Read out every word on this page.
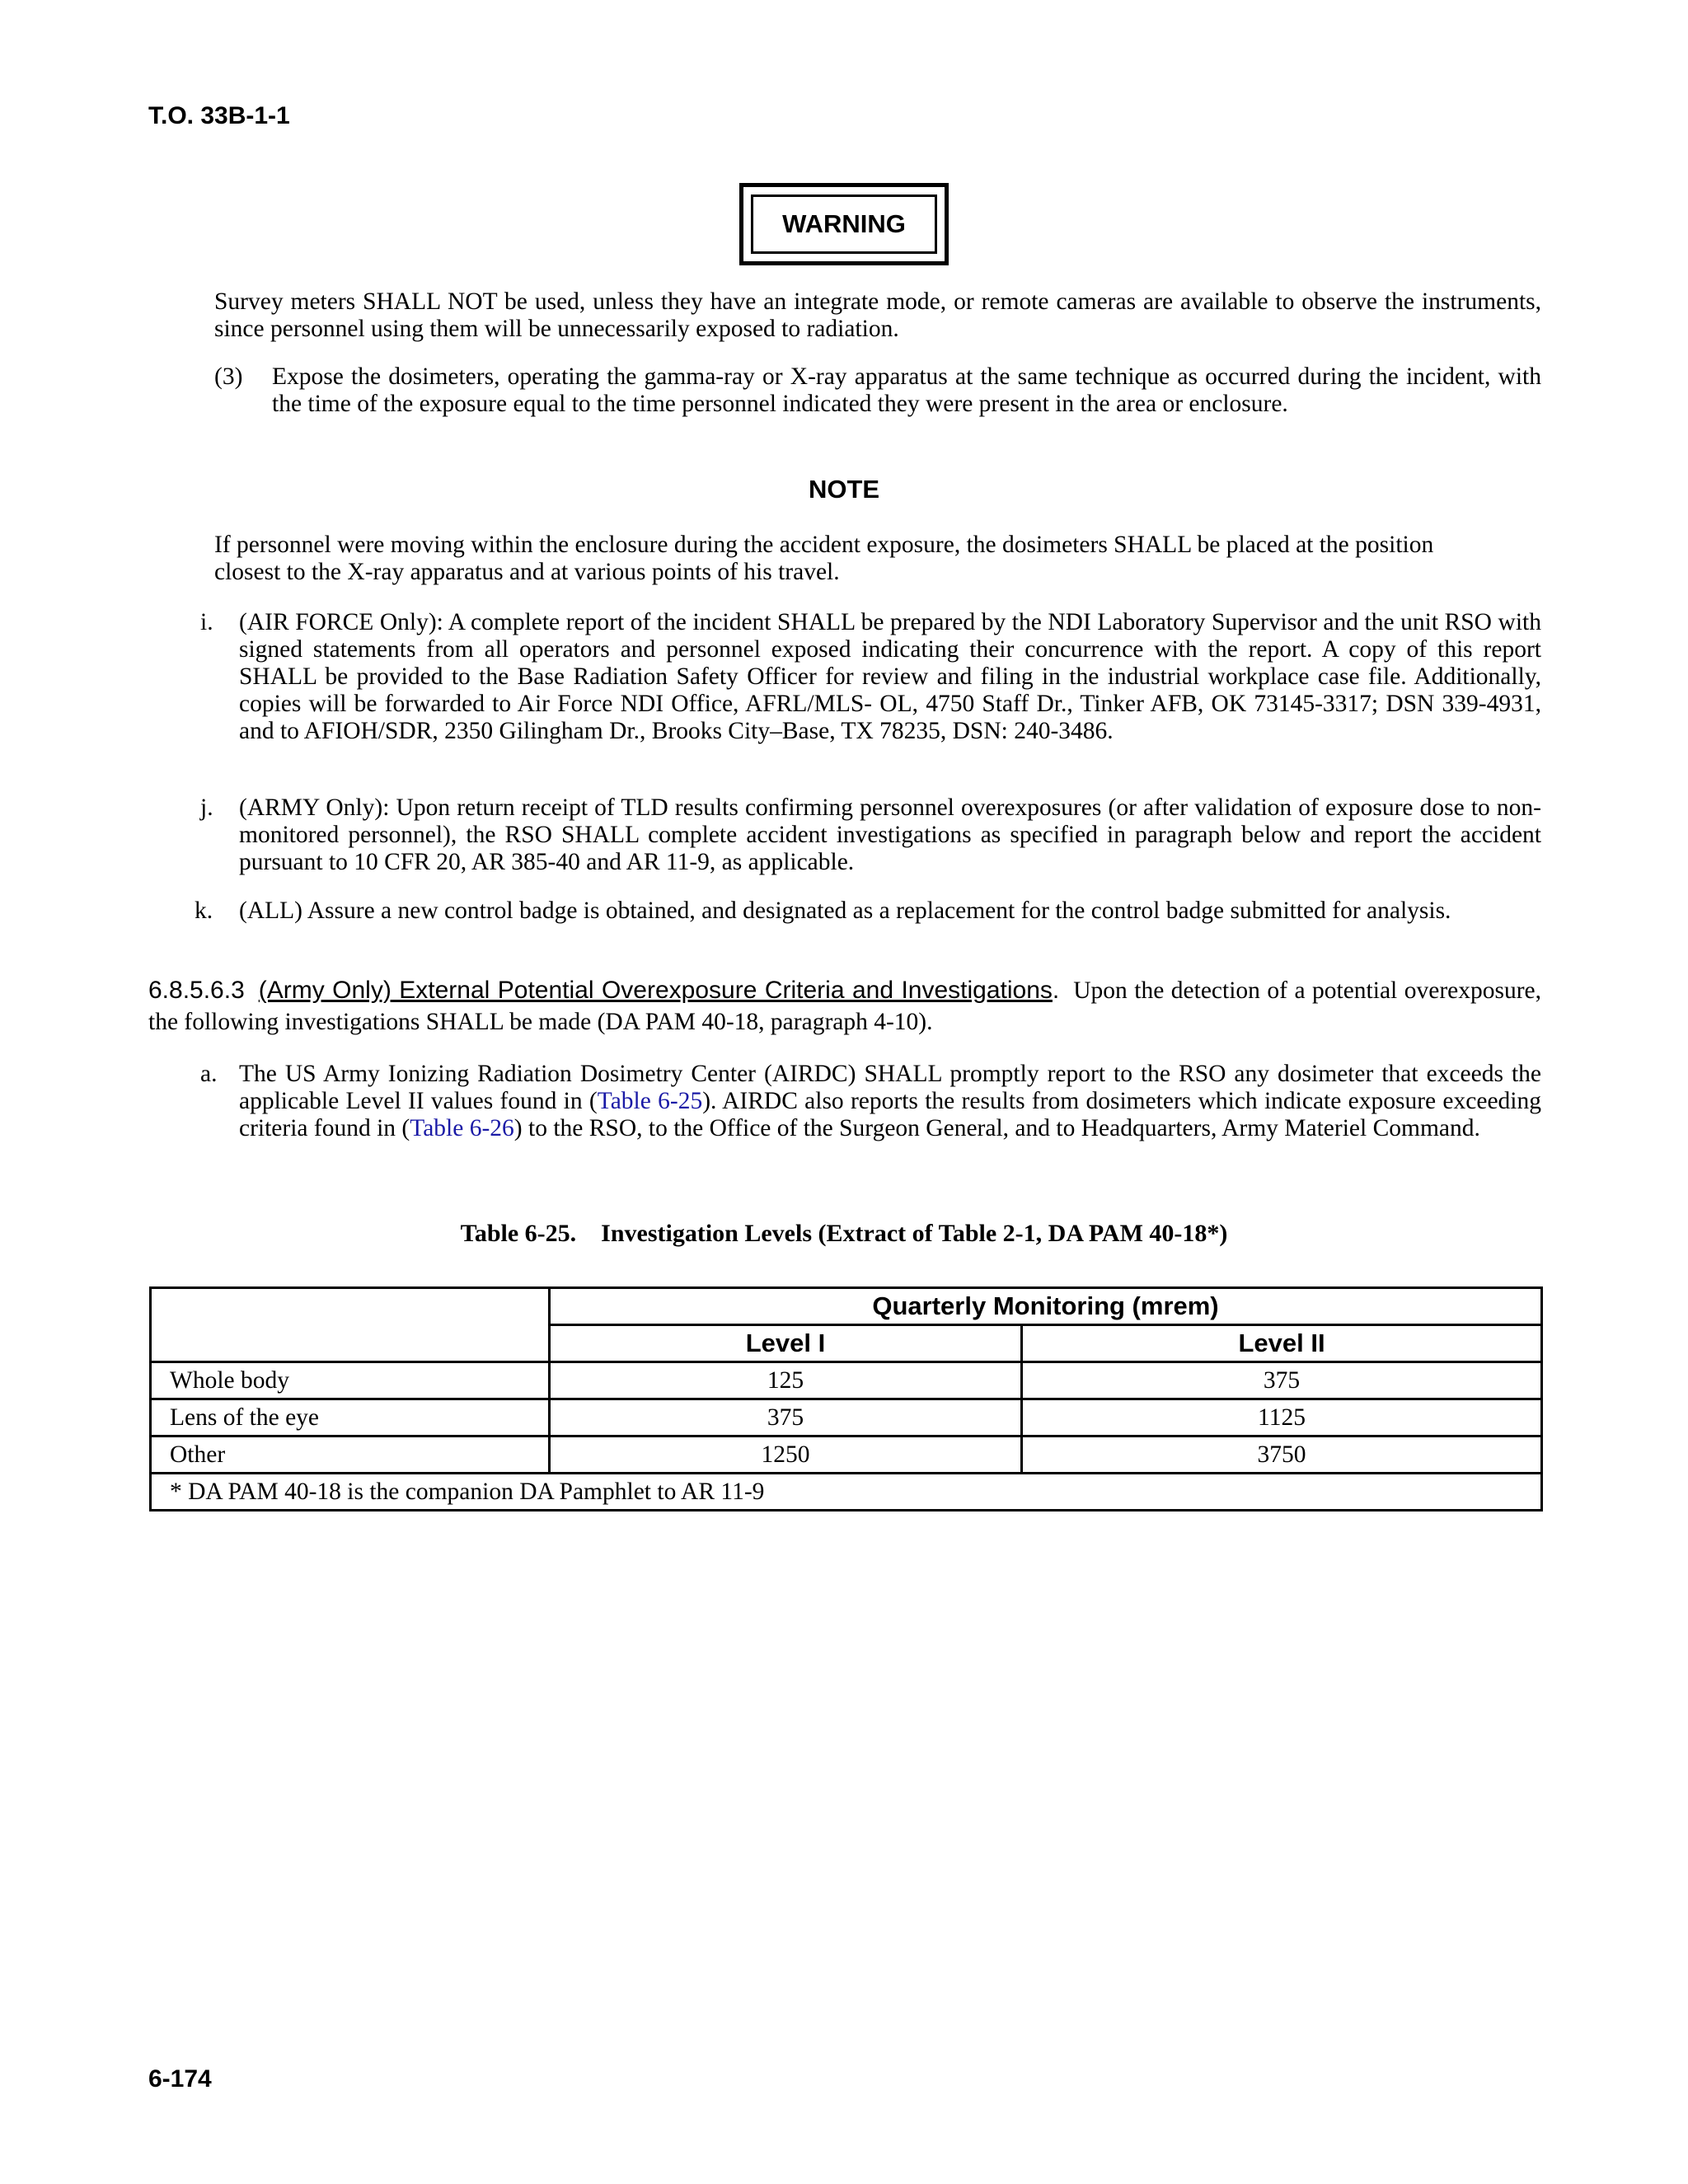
T.O. 33B-1-1
WARNING

Survey meters SHALL NOT be used, unless they have an integrate mode, or remote cameras are available to observe the instruments, since personnel using them will be unnecessarily exposed to radiation.

(3) Expose the dosimeters, operating the gamma-ray or X-ray apparatus at the same technique as occurred during the incident, with the time of the exposure equal to the time personnel indicated they were present in the area or enclosure.

NOTE

If personnel were moving within the enclosure during the accident exposure, the dosimeters SHALL be placed at the position closest to the X-ray apparatus and at various points of his travel.

i. (AIR FORCE Only): A complete report of the incident SHALL be prepared by the NDI Laboratory Supervisor and the unit RSO with signed statements from all operators and personnel exposed indicating their concurrence with the report. A copy of this report SHALL be provided to the Base Radiation Safety Officer for review and filing in the industrial workplace case file. Additionally, copies will be forwarded to Air Force NDI Office, AFRL/MLS- OL, 4750 Staff Dr., Tinker AFB, OK 73145-3317; DSN 339-4931, and to AFIOH/SDR, 2350 Gilingham Dr., Brooks City–Base, TX 78235, DSN: 240-3486.

j. (ARMY Only): Upon return receipt of TLD results confirming personnel overexposures (or after validation of exposure dose to non-monitored personnel), the RSO SHALL complete accident investigations as specified in paragraph below and report the accident pursuant to 10 CFR 20, AR 385-40 and AR 11-9, as applicable.

k. (ALL) Assure a new control badge is obtained, and designated as a replacement for the control badge submitted for analysis.

6.8.5.6.3 (Army Only) External Potential Overexposure Criteria and Investigations. Upon the detection of a potential overexposure, the following investigations SHALL be made (DA PAM 40-18, paragraph 4-10).

a. The US Army Ionizing Radiation Dosimetry Center (AIRDC) SHALL promptly report to the RSO any dosimeter that exceeds the applicable Level II values found in (Table 6-25). AIRDC also reports the results from dosimeters which indicate exposure exceeding criteria found in (Table 6-26) to the RSO, to the Office of the Surgeon General, and to Headquarters, Army Materiel Command.

Table 6-25.    Investigation Levels (Extract of Table 2-1, DA PAM 40-18*)
	Quarterly Monitoring (mrem)	
	Level I	Level II
Whole body	125	375
Lens of the eye	375	1125
Other	1250	3750
* DA PAM 40-18 is the companion DA Pamphlet to AR 11-9		
6-174
